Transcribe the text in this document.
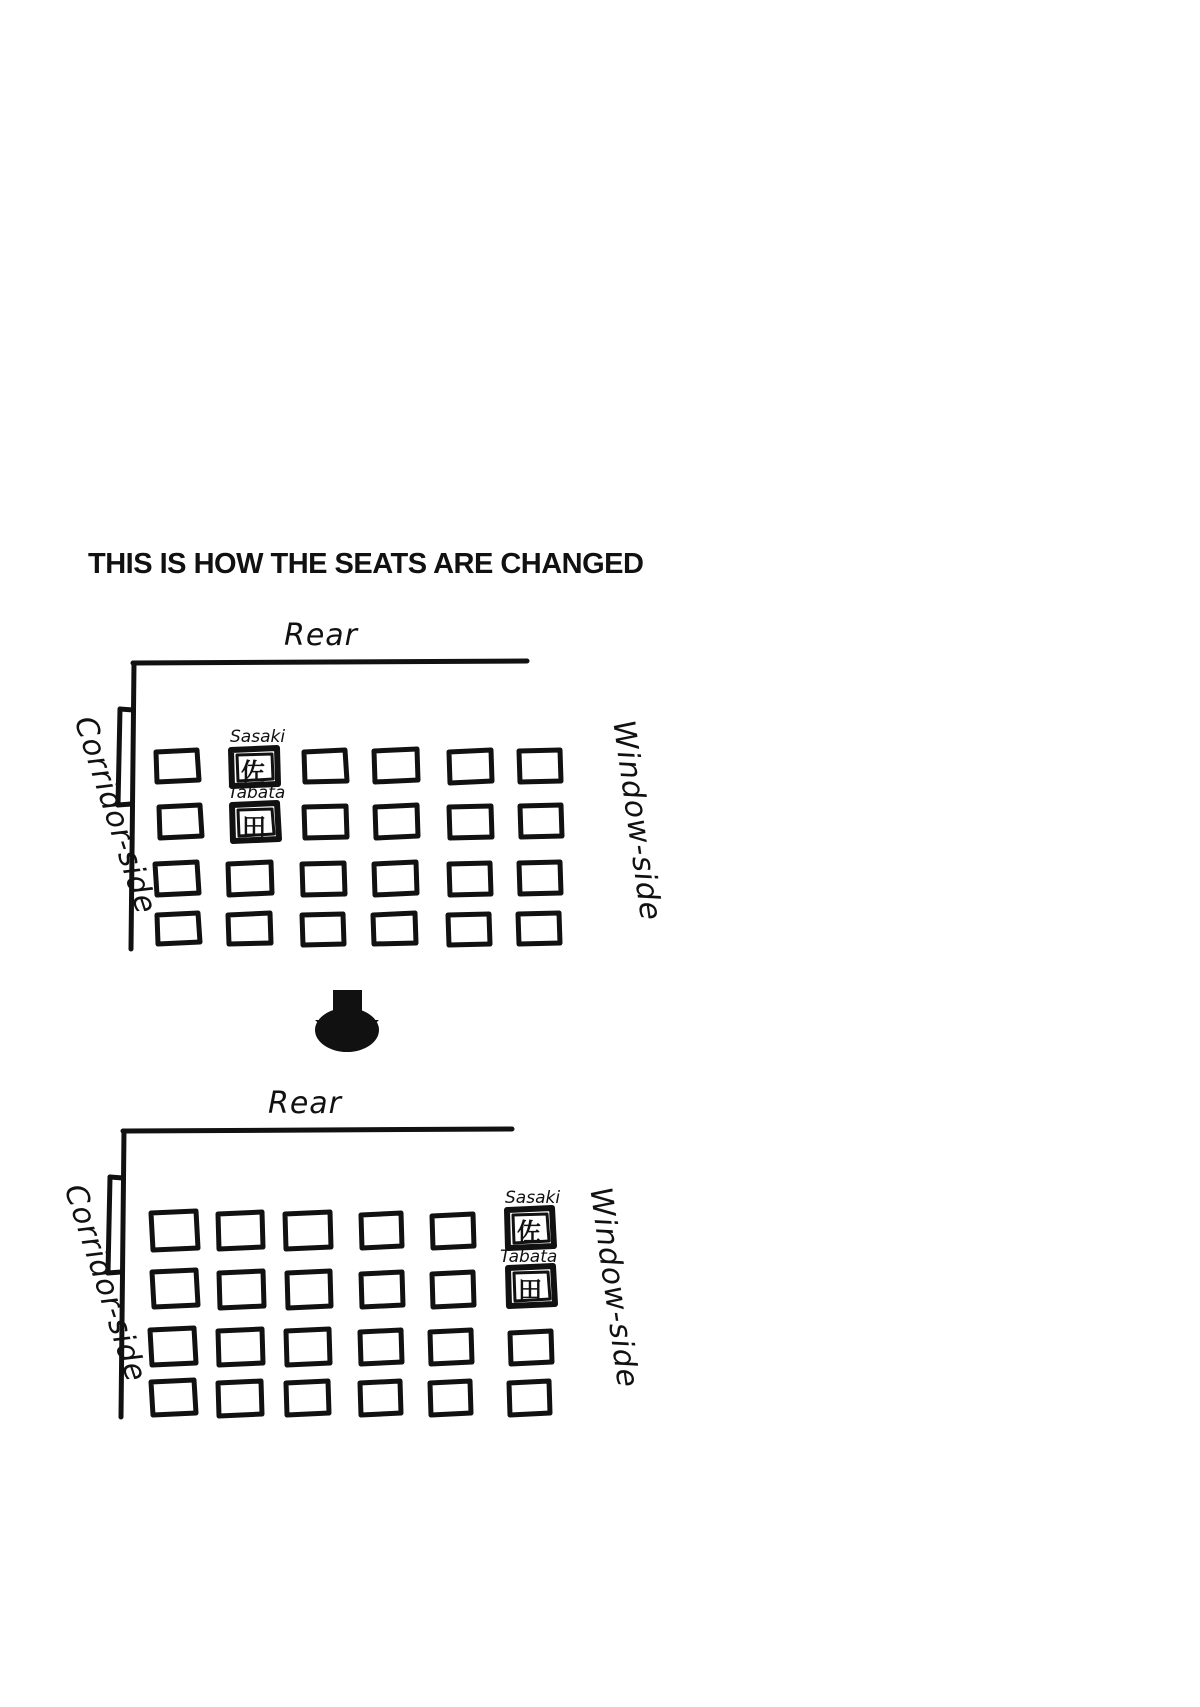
THIS IS HOW THE SEATS ARE CHANGED
Rear
Corridor-side	Window-side
Sasaki
佐
Tabata
田
Rear
Corridor-side	Window-side
Sasaki
佐
Tabata
田
